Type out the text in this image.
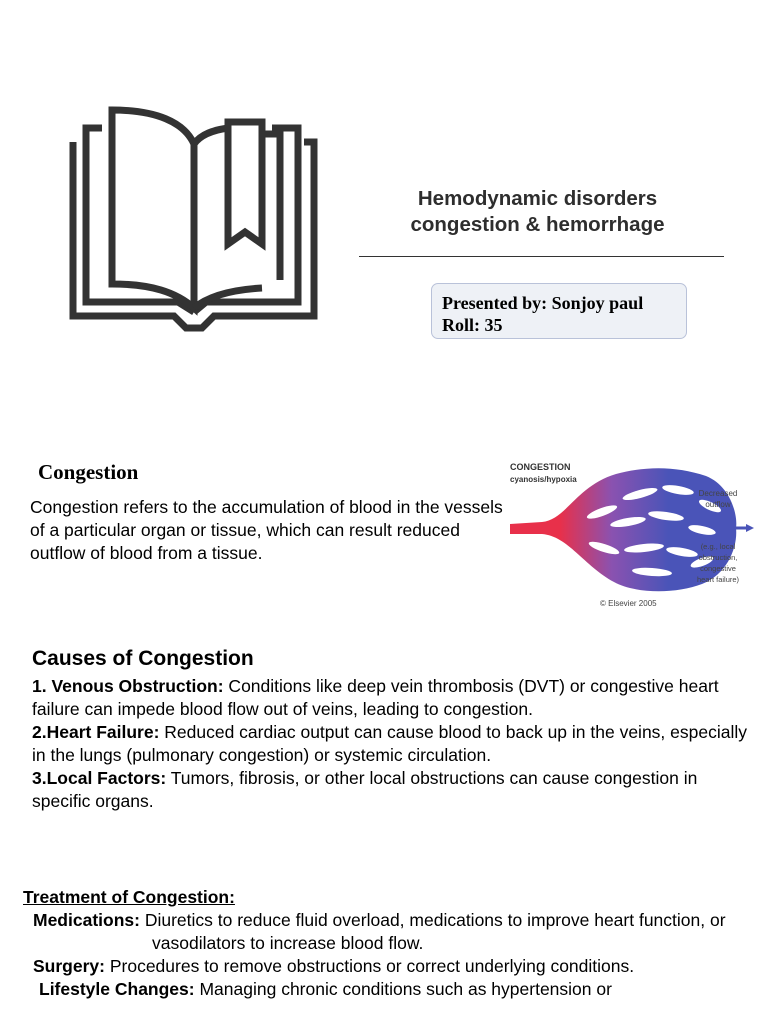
Hemodynamic disorders
congestion & hemorrhage
Presented by: Sonjoy paul
Roll: 35
Congestion
Congestion refers to the accumulation of blood in the vessels of a particular organ or tissue, which can result reduced outflow of blood from a tissue.
CONGESTION
cyanosis/hypoxia
Decreased
outflow
(e.g., local
obstruction,
congestive
heart failure)
© Elsevier 2005
Causes of Congestion

1. Venous Obstruction: Conditions like deep vein thrombosis (DVT) or congestive heart failure can impede blood flow out of veins, leading to congestion.

2.Heart Failure: Reduced cardiac output can cause blood to back up in the veins, especially in the lungs (pulmonary congestion) or systemic circulation.

3.Local Factors: Tumors, fibrosis, or other local obstructions can cause congestion in specific organs.

Treatment of Congestion:

Medications: Diuretics to reduce fluid overload, medications to improve heart function, or vasodilators to increase blood flow.

Surgery: Procedures to remove obstructions or correct underlying conditions.

Lifestyle Changes: Managing chronic conditions such as hypertension or
